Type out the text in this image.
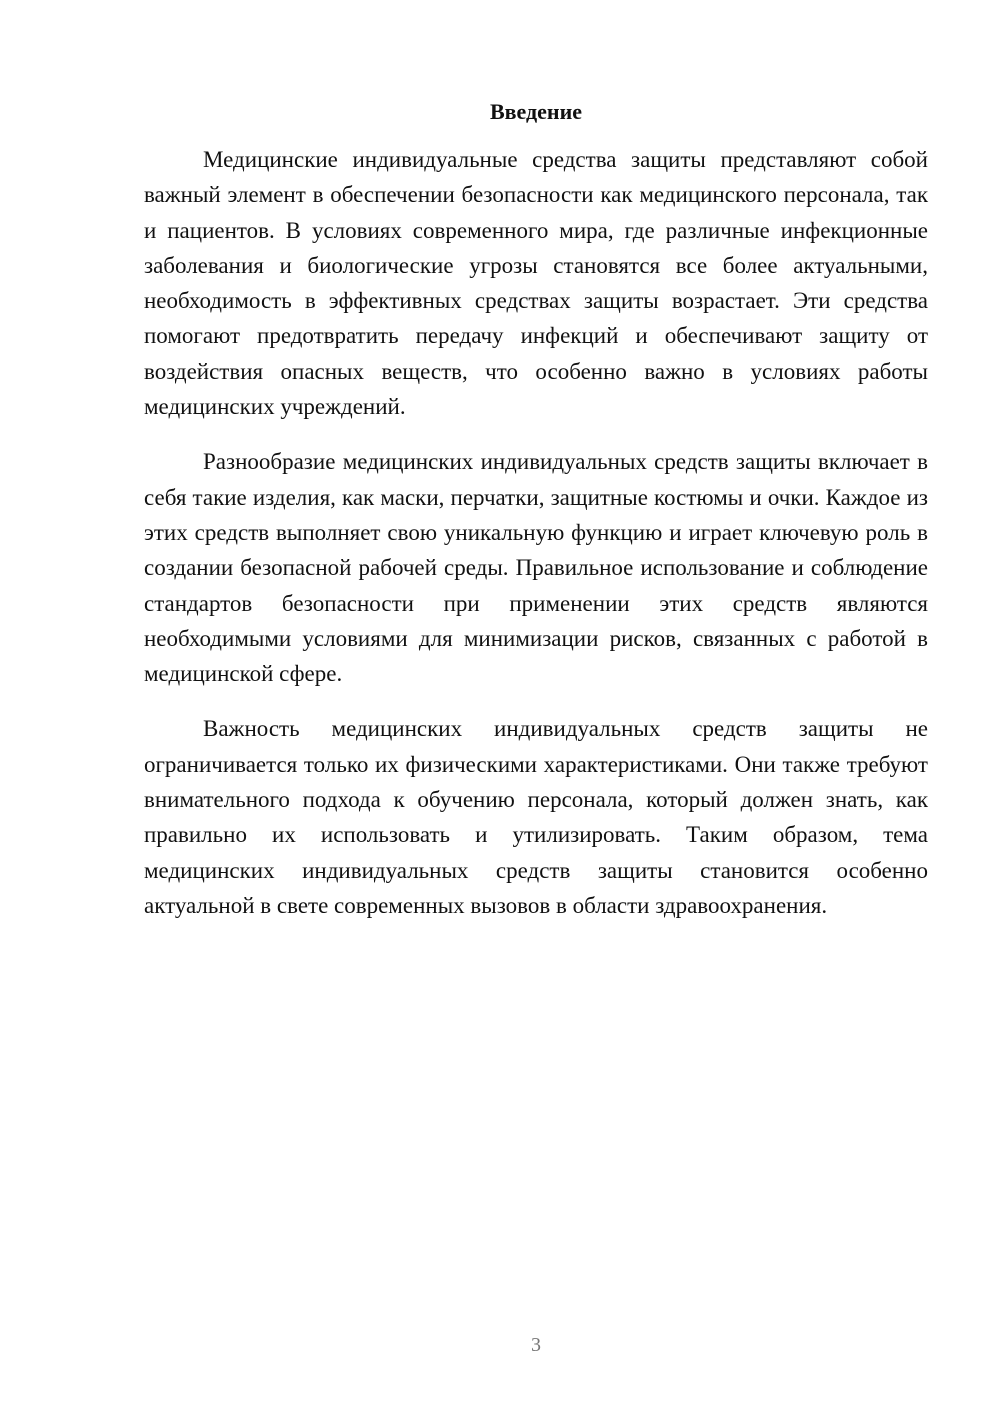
Введение

Медицинские индивидуальные средства защиты представляют собой важный элемент в обеспечении безопасности как медицинского персонала, так и пациентов. В условиях современного мира, где различные инфекционные заболевания и биологические угрозы становятся все более актуальными, необходимость в эффективных средствах защиты возрастает. Эти средства помогают предотвратить передачу инфекций и обеспечивают защиту от воздействия опасных веществ, что особенно важно в условиях работы медицинских учреждений.

Разнообразие медицинских индивидуальных средств защиты включает в себя такие изделия, как маски, перчатки, защитные костюмы и очки. Каждое из этих средств выполняет свою уникальную функцию и играет ключевую роль в создании безопасной рабочей среды. Правильное использование и соблюдение стандартов безопасности при применении этих средств являются необходимыми условиями для минимизации рисков, связанных с работой в медицинской сфере.

Важность медицинских индивидуальных средств защиты не ограничивается только их физическими характеристиками. Они также требуют внимательного подхода к обучению персонала, который должен знать, как правильно их использовать и утилизировать. Таким образом, тема медицинских индивидуальных средств защиты становится особенно актуальной в свете современных вызовов в области здравоохранения.

3
